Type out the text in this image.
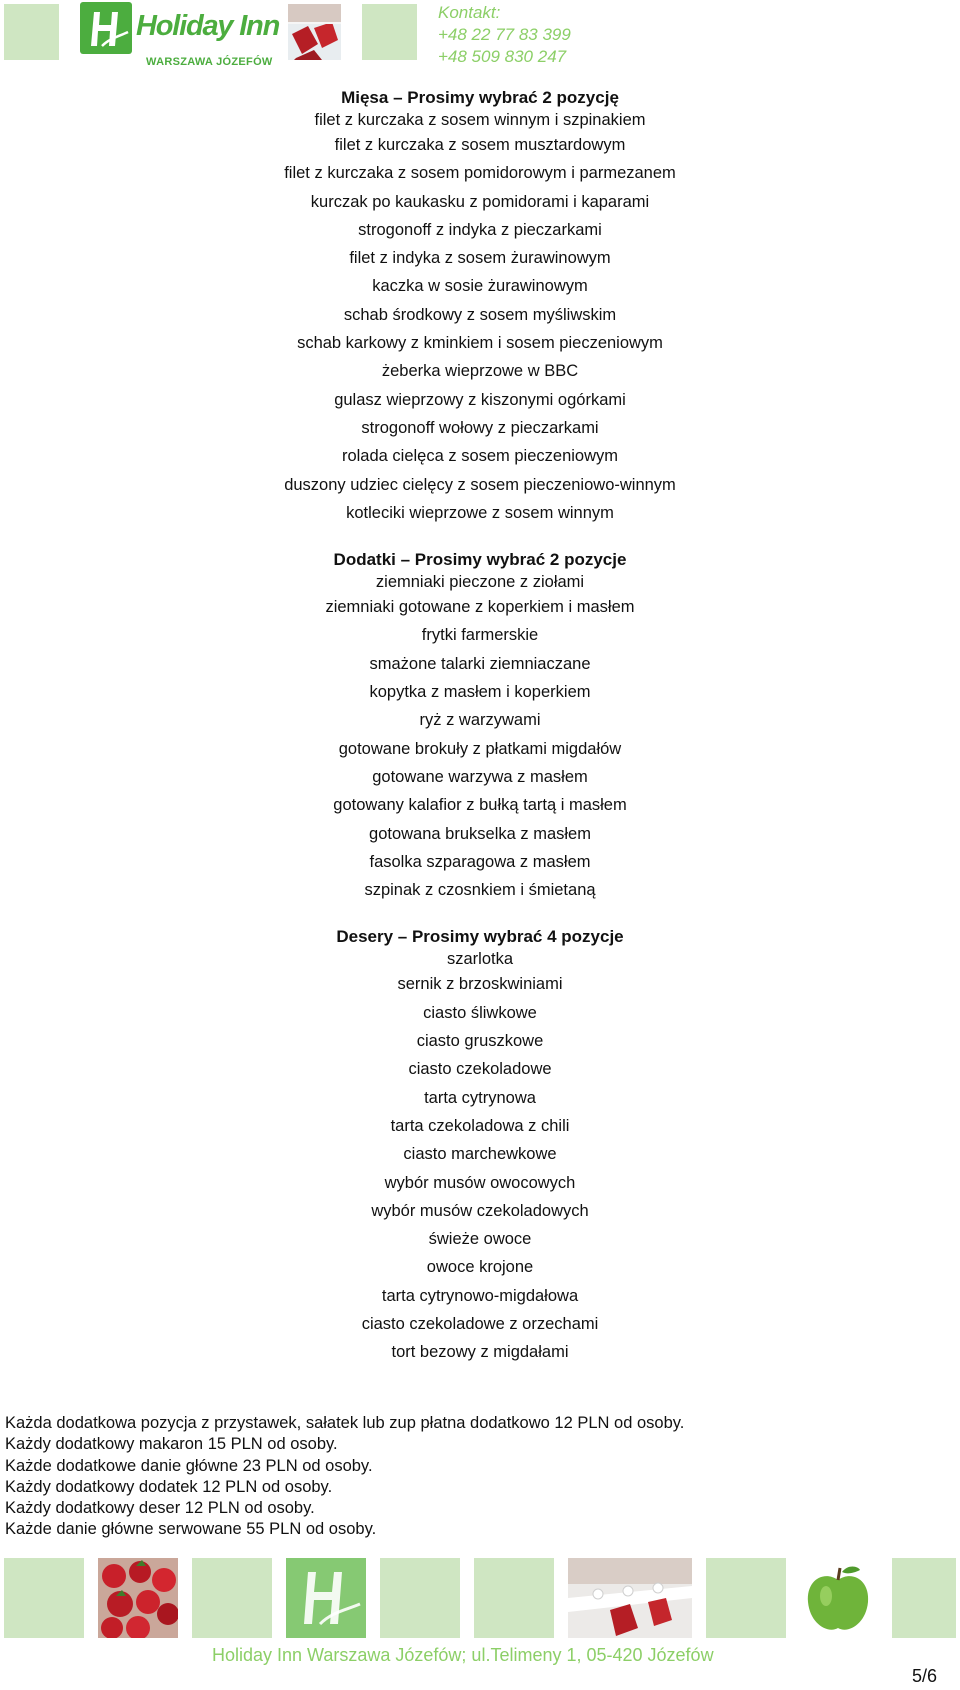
Holiday Inn
WARSZAWA JÓZEFÓW
Kontakt:
+48 22 77 83 399
+48 509 830 247
Mięsa – Prosimy wybrać 2 pozycję
filet z kurczaka z sosem winnym i szpinakiem
filet z kurczaka z sosem musztardowym
filet z kurczaka z sosem pomidorowym i parmezanem
kurczak po kaukasku z pomidorami i kaparami
strogonoff z indyka z pieczarkami
filet z indyka z sosem żurawinowym
kaczka w sosie żurawinowym
schab środkowy z sosem myśliwskim
schab karkowy z kminkiem i sosem pieczeniowym
żeberka wieprzowe w BBC
gulasz wieprzowy z kiszonymi ogórkami
strogonoff wołowy z pieczarkami
rolada cielęca z sosem pieczeniowym
duszony udziec cielęcy z sosem pieczeniowo-winnym
kotleciki wieprzowe z sosem winnym
Dodatki – Prosimy wybrać 2 pozycje
ziemniaki pieczone z ziołami
ziemniaki gotowane z koperkiem i masłem
frytki farmerskie
smażone talarki ziemniaczane
kopytka z masłem i koperkiem
ryż z warzywami
gotowane brokuły z płatkami migdałów
gotowane warzywa z masłem
gotowany kalafior z bułką tartą i masłem
gotowana brukselka z masłem
fasolka szparagowa z masłem
szpinak z czosnkiem i śmietaną
Desery – Prosimy wybrać 4 pozycje
szarlotka
sernik z brzoskwiniami
ciasto śliwkowe
ciasto gruszkowe
ciasto czekoladowe
tarta cytrynowa
tarta czekoladowa z chili
ciasto marchewkowe
wybór musów owocowych
wybór musów czekoladowych
świeże owoce
owoce krojone
tarta cytrynowo-migdałowa
ciasto czekoladowe z orzechami
tort bezowy z migdałami
Każda dodatkowa pozycja z przystawek, sałatek lub zup płatna dodatkowo 12 PLN od osoby.
Każdy dodatkowy makaron 15 PLN od osoby.
Każde dodatkowe danie główne 23 PLN od osoby.
Każdy dodatkowy dodatek 12 PLN od osoby.
Każdy dodatkowy deser 12 PLN od osoby.
Każde danie główne serwowane 55 PLN od osoby.
Holiday Inn Warszawa Józefów; ul.Telimeny 1, 05-420 Józefów
5/6
